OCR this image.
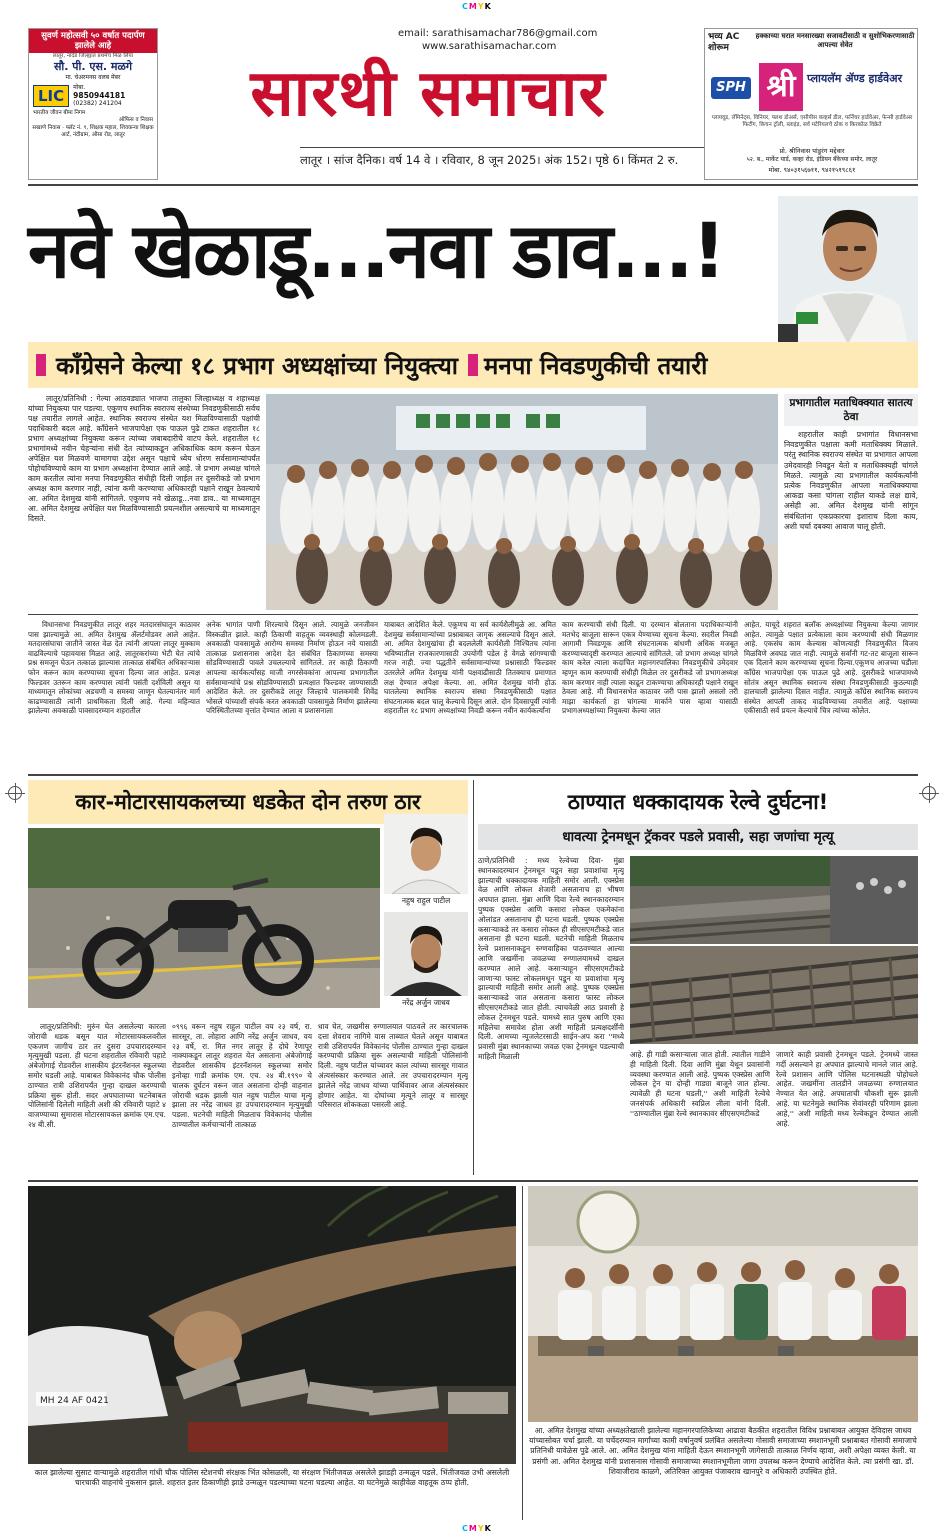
CMYK
CMYK
सुवर्ण महोत्सवी ५० वर्षात पदार्पण झालेले आहे
लातूर, नांदेड जिल्ह्यात प्रथमेच मिळ लिया
सौ. पी. एस. मळगे
मा. चेअरमनस वलब मेंबर
LIC	मोबा.
9850944181
(02382) 241204
भारतीय जीवन बीमा निगम
ऑफिस व निवास
सखाणे निवास · फ्लॅट नं. ९, शिक्षक महाल, शिवकन्या शिक्षक आर्ट, नंदीग्राम, औसा रोड, लातूर
email: sarathisamachar786@gmail.com
www.sarathisamachar.com
सारथी समाचार
लातूर । सांज दैनिक। वर्ष 14 वे । रविवार, 8 जून 2025। अंक 152। पृष्ठे 6। किंमत 2 रु.
भव्य AC शोरूम
हक्काच्या घरात मनसारख्या सजावटीसाठी व सुशोभिकरणासाठी आपल्या सेवेत
SPH श्री	प्लायलॅम ॲण्ड हार्डवेअर
प्लायवूड, लॅमिनेट्स, विनियर, फ्लश डोअर्स, एसीपीस कव्हर्स डील, फर्निचर हार्डवेअर, फेन्सी हार्डवेअर फिटींग, किचन ट्रॉली, ब्लाइंड, सर्व मटेरियलचे ठोक व किरकोळ विक्रेते
प्रो. श्रीनिवास पांडुरंग मद्देवार
५२. ब., मार्केट यार्ड, कव्हा रोड, इंडियन बँकेच्या समोर, लातूर
मोबा. ९४०३१५६७११, ९४२१५१९८६१
नवे खेळाडू...नवा डाव...!
काँग्रेसने केल्या १८ प्रभाग अध्यक्षांच्या नियुक्त्या मनपा निवडणुकीची तयारी
लातूर/प्रतिनिधी : गेल्या आठवड्यात भाजपा तालुका जिल्हाध्यक्ष व शहाध्यक्ष यांच्या नियुक्त्या पार पडल्या. एकूणच स्थानिक स्वराज्य संस्थेच्या निवडणुकीसाठी सर्वच पक्ष तयारीत लागले आहेत. स्थानिक स्वराज्य संस्थेत यश मिळविण्यासाठी पक्षांची पदाधिकारी बदल आहे. काँग्रेसने भाजपापेक्षा एक पाऊल पुढे टाकत शहरातील १८ प्रभाग अध्यक्षांच्या नियुक्त्या करून त्यांच्या जबाबदारीचे वाटप केले. शहरातील १८ प्रभागांमध्ये नवीन चेहऱ्यांना संधी देत त्यांच्याकडून अधिकाधिक काम करून घेऊन अपेक्षित यश मिळवणे यामागचा उद्देश असून पक्षाचे ध्येय धोरण सर्वसामान्यांपर्यंत पोहोचविण्याचे काम या प्रभाग अध्यक्षांना देण्यात आले आहे. जे प्रभाग अध्यक्ष चांगले काम करतील त्यांना मनपा निवडणुकीत संधीही दिली जाईल तर दुसरीकडे जो प्रभाग अध्यक्ष काम करणार नाही, त्यांना कमी करण्याचा अधिकारही पक्षाने राखून ठेवल्याचे आ. अमित देशमुख यांनी सांगितले. एकूणच नवे खेळाडू...नवा डाव.. या माध्यमातून आ. अमित देशमुख अपेक्षित यश मिळविण्यासाठी प्रयत्नशील असल्याचे या माध्यमातून दिसते.
प्रभागातील मताधिक्क्यात सातत्य ठेवा
शहरातील काही प्रभागांत विधानसभा निवडणुकीत पक्षाला कमी मताधिक्क्य मिळाले. परंतु स्थानिक स्वराज्य संस्थेत या प्रभागात आपला उमेदवारही निवडून येतो व मताधिक्क्यही चांगले मिळते. त्यामुळे त्या प्रभागातील कार्यकर्त्यांनी प्रत्येक निवडणुकीत आपला मताधिक्क्याचा आकडा कसा चांगला राहील याकडे लक्ष द्यावे, असेही आ. अमित देशमुख यांनी सांगून संबंधितांना एकप्रकारचा इशाराच दिला काय, अशी चर्चा दबक्या आवाज चालू होती.
विधानसभा निवडणुकीत लातूर शहर मतदारसंघातून काठावर पास झाल्यामुळे आ. अमित देशमुख ॲलर्टमोडवर आले आहेत. मतदारसंघाचा जातीने जास्त वेळ देत त्यांनी आपला लातूर मुक्काम वाढविल्याचे पहावयास मिळत आहे. लातूरकरांच्या भेटी घेत त्यांचे प्रश्न समजून घेऊन तत्काळ झाल्यास तात्काळ संबंधित अधिकाऱ्यास फोन करून काम करण्याच्या सूचना दिल्या जात आहेत. प्रत्यक्ष फिल्डवर उतरून काम करण्यास त्यांनी पसंती दर्शविली असून या माध्यमातून लोकांच्या अडचणी व समस्या जाणून घेतल्यानंतर मार्ग काढण्यासाठी त्यांनी प्राथमिकता दिली आहे. गेल्या महिन्यात झालेल्या अवकाळी पावसादरम्यान शहरातील
अनेक भागांत पाणी शिरल्याचे दिसून आले. त्यामुळे जनजीवन विस्कळीत झाले. काही ठिकाणी वाहतूक व्यवस्थाही कोलमडली. अवकाळी पावसामुळे आरोग्य समस्या निर्माण होऊन नये यासाठी तात्काळ प्रशासनास आदेश देत संबंधित ठिकाणच्या समस्या सोडविण्यासाठी पावले उचलल्याचे सांगितले. तर काही ठिकाणी आपल्या कार्यकर्त्यांसह माजी नगरसेवकांना आपल्या प्रभागातील सर्वसामान्यांचे प्रश्न सोडविण्यासाठी प्रत्यक्षात फिल्डवर जाण्यासाठी आदेशित केले. तर दुसरीकडे लातूर जिल्हाचे पालकमंत्री शिवेंद्र भोसले यांच्याशी संपर्क करत अवकाळी पावसामुळे निर्माण झालेल्या परिस्थितीतच्या वृत्तांत देण्यात आला व प्रशासनाला
याबाबत आदेशित केले. एकूणच या सर्व कार्यशैलीमुळे आ. अमित देशमुख सर्वसामान्यांच्या प्रश्नाबाबत जागृक असल्याचे दिसून आले. आ. अमित देशमुखांचा ही बदललेली कार्यशैली निश्चितच त्यांना भविष्यातील राजकारणासाठी उपयोगी पडेल हे वेगळे सांगण्याची गरज नाही. ज्या पद्धतीने सर्वसामान्यांच्या प्रश्नासाठी फिल्डवर उतरलेले अमित देशमुख यांनी पक्षवाढीसाठी तितक्याच प्रमाणात लक्ष देण्यात अपेक्षा केल्या. आ. अमित देशमुख यांनी होऊ घातलेल्या स्थानिक स्वराज्य संस्था निवडणुकीसाठी पक्षात संघटनात्मक बदल चालू केल्याचे दिसून आले. दोन दिवसापूर्वी त्यांनी शहरातील १८ प्रभाग अध्यक्षांच्या निवडी करून नवीन कार्यकर्त्यांना
काम करण्याची संधी दिली. या दरम्यान बोलताना पदाधिकाऱ्यांनी मतभेद बाजूला सारून एकत्र येण्याच्या सूचना केल्या. सदरील निवडी आगामी निवडणूक आणि संघटनात्मक बांधणी अधिक मजबूत करण्याच्यादृष्टी करण्यात आल्याचे सांगितले. जो प्रभाग अध्यक्ष चांगले काम करेल त्याला कदाचित महानगरपालिका निवडणुकीचे उमेदवार म्हणून काम करण्याची संधीही मिळेल तर दुसरीकडे जो प्रभागअध्यक्ष काम करणार नाही त्याला काढून टाकण्याचा अधिकारही पक्षाने राखून ठेवला आहे. मी विधानसभेत काठावर जरी पास झालो असलो तरी माझा कार्यकर्ता हा चांगल्या मार्काने पास व्हावा यासाठी प्रभागअध्यक्षांच्या नियुक्त्या केल्या जात
आहेत. याचूदे शहरात बलॉक अध्यक्षांच्या नियुक्त्या केल्या जाणार आहेत. त्यामुळे पक्षात प्रत्येकाला काम करण्याची संधी मिळणार आहे. एकसंघ काम केल्यास कोणत्याही निवडणुकीत विजय मिळविणे अवघड जात नाही. त्यामुळे सर्वांनी गट-तट बाजूला सारून एक दिलाने काम करण्याच्या सूचना दिल्या.एकूणच आजच्या घडीला काँग्रेस भाजपापेक्षा एक पाऊल पुढे आहे. दुसरीकडे भाजपामध्ये सोतंत्र असून स्थानिक स्वराज्य संस्था निवडणुकीसाठी कुठल्याही हालचाली झालेल्या दिसत नाहीत. त्यामुळे काँग्रेस स्थानिक स्वराज्य संस्थेत आपली ताकद वाढविण्याच्या तयारीत आहे. पक्षाच्या एकीसाठी सर्व प्रयत्न केल्याचे चित्र त्यांच्या कोलेत.
कार-मोटारसायकलच्या धडकेत दोन तरुण ठार
नहुष राहुल पाटील
नरेंद्र अर्जुन जाधव
लातूर/प्रतिनिधी: मुरुंन घेत असलेल्या कारला जोराची धडक बसून यात मोटारसायकलवरील एकजण जागीच ठार तर दुसरा उपचारादरम्यान मृत्युमुखी पडला. ही घटना शहरातील रविवारी पहाटे अंबेजोगाई रोडवरील शासकीय इंटरनॅशनल स्कूलच्या समोर घडली आहे. याबाबत विवेकानंद चौक पोलीस ठाण्यात रात्री उशिरापर्यंत गुन्हा दाखल करण्याची प्रक्रिया सुरू होती. सदर अपघाताच्या घटनेबाबत पोलिसांनी दिलेली माहिती अशी की रविवारी पहाटे ४ वाजण्याच्या सुमारास मोटारसायकल क्रमांक एम.एच. २४ बी.सी.
०९९६ वरून नहुष राहुल पाटील वय २३ वर्ष, रा. सारसूर, ता. लोहारा आणि नरेंद्र अर्जुन जाधव, वय २३ वर्षे, रा. मित नगर लातूर हे दोघे रेणापूर नाक्याकडून लातूर शहरात येत असताना अंबेजोगाई रोडवरील शासकीय इंटरनॅशनल स्कूलच्या समोर इनोव्हा गाडी क्रमांक एम. एच. २४ बी.१९९० चे चालक दुर्घटन वरून जात असताना दोन्ही वाहनात जोराची धडक झाली यात नहुष पाटील याचा मृत्यू झाला तर नरेंद्र जाधव हा उपचारादरम्यान मृत्युमुखी पडला. घटनेची माहिती मिळताच विवेकानंद पोलीस ठाण्यातील कर्मचाऱ्यांनी तात्काळ
धाव घेत, जखमीस रुग्णालयात पाठवले तर कारचालक दत्ता शेवराव नागिमे यास ताब्यात घेतले असून याबाबत रात्री उशिरापर्यंत विवेकानंद पोलीस ठाण्यात गुन्हा दाखल करण्याची प्रक्रिया सुरू असल्याची माहिती पोलिसांनी दिली. नहुष पाटील यांच्यावर काल त्यांच्या सारसूर गावात अंत्यसंस्कार करण्यात आले. तर उपचारादरम्यान मृत्यू झालेले नरेंद्र जाधव यांच्या पार्थिवावर आज अंत्यसंस्कार होणार आहेत. या दोघांच्या मृत्यूने लातूर व सारसूर परिसरात शोककळा पसरली आहे.
ठाण्यात धक्कादायक रेल्वे दुर्घटना!
धावत्या ट्रेनमधून ट्रॅकवर पडले प्रवासी, सहा जणांचा मृत्यू
ठाणे/प्रतिनिधी : मध्य रेल्वेच्या दिवा- मुंब्रा स्थानकादरम्यान ट्रेनमधून पडून सहा प्रवाशांचा मृत्यू झाल्याची धक्कादायक माहिती समोर आली. एक्स्प्रेस वेळ आणि लोकल शेजारी असतानाच हा भीषण अपघात झाला. मुंब्रा आणि दिवा रेल्वे स्थानकादरम्यान पुष्पक एक्स्प्रेस आणि कसारा लोकल एकमेकांना ओलांडत असतानाच ही घटना घडली. पुष्पक एक्स्प्रेस कसाऱ्याकडे तर कसारा लोकल ही सीएसएमटीकडे जात असताना ही घटना घडली. घटनेची माहिती मिळताच रेल्वे प्रशासनाकडून रुग्णवाहिका पाठवण्यात आल्या आणि जखमींना जवळच्या रुग्णालयामध्ये दाखल करण्यात आले आहे. कसाऱ्याहून सीएसएमटीकडे जाणाऱ्या फास्ट लोकलमधून पडून या प्रवाशांचा मृत्यू झाल्याची माहिती समोर आली आहे. पुष्पक एक्स्प्रेस कसाऱ्याकडे जात असताना कसारा फास्ट लोकल सीएसएमटीकडे जात होती. त्याचवेळी आठ प्रवासी हे लोकल ट्रेनमधून पडले. यामध्ये सात पुरुष आणि एका महिलेचा समावेश होता अशी माहिती प्रत्यक्षदर्शींनी दिली. आमच्या न्यूजलेटरसाठी साईन-अप करा ''मध्ये प्रवासी मुंब्रा स्थानकाच्या जवळ एका ट्रेनमधून पडल्याची माहिती मिळाली	आहे. ही गाडी कसाऱ्याला जात होती. त्यातील गाडीने ही माहिती दिली. दिवा आणि मुंब्रा येथून प्रवासांनी व्यवस्था करण्यात आली आहे. पुष्पक एक्स्प्रेस आणि लोकल ट्रेन या दोन्ही गाड्या बाजूने जात होत्या. त्यावेळी ही घटना घडली,'' अशी माहिती रेल्वेचे जनसंपर्क अधिकारी स्वप्निल लीला यांनी दिली. ''ठाण्यातील मुंब्रा रेल्वे स्थानकावर सीएसएमटीकडे
जाणारे काही प्रवासी ट्रेनमधून पडले. ट्रेनमध्ये जास्त गर्दी असल्याने हा अपघात झाल्याचे मानले जात आहे. रेल्वे प्रशासन आणि पोलिस घटनास्थळी पोहोचले आहेत. जखमींना तातडीने जवळच्या रुग्णालयात नेण्यात येत आहे. अपघाताची चौकशी सुरू झाली आहे. या घटनेमुळे स्थानिक सेवांवरही परिणाम झाला आहे,'' अशी माहिती मध्य रेल्वेकडून देण्यात आली आहे.
MH 24 AF 0421
काल झालेल्या सुसाट वाऱ्यामुळे शहरातील गांधी चौक पोलिस स्टेशनची संरक्षक भिंत कोसळली, या संरक्षण भिंतीजवळ असलेले झाडही उन्मळून पडले. भिंतीजवळ उभी असलेली चारचाकी वाहनांचे नुकसान झाले. शहरात इतर ठिकाणीही झाडे उन्मळून पडल्याच्या घटना घडल्या आहेत. या घटनेमुळे काहीवेळ वाहतूक ठप्प होती.
आ. अमित देशमुख यांच्या अध्यक्षतेखाली झालेल्या महानगरपालिकेच्या आढावा बैठकीत शहरातील विविध प्रश्नाबाबत आयुक्त देविदास जाधव यांच्यासोबत चर्चा झाली. या चर्चेदरम्यान मार्गांच्या कामी वर्षानुवर्ष प्रलंबित असलेल्या गोसावी समाजाच्या स्मशानभूमी प्रश्नाबाबत गोसावी समाजाचे प्रतिनिधी यावेळेस पुढे आले. आ. अमित देशमुख यांना माहिती देऊन स्मशानभूमी जागेसाठी तात्काळ निर्णय व्हावा, अशी अपेक्षा व्यक्त केली. या प्रसंगी आ. अमित देशमुख यांनी प्रशासनास गोसावी समाजाच्या स्मशानभूमीला जागा उपलब्ध करून देण्याचे आदेशित केले. त्या प्रसंगी खा. डॉ. शिवाजीराव काळगे, अतिरिक्त आयुक्त पंजाबराव खानपुरे व अधिकारी उपस्थित होते.
